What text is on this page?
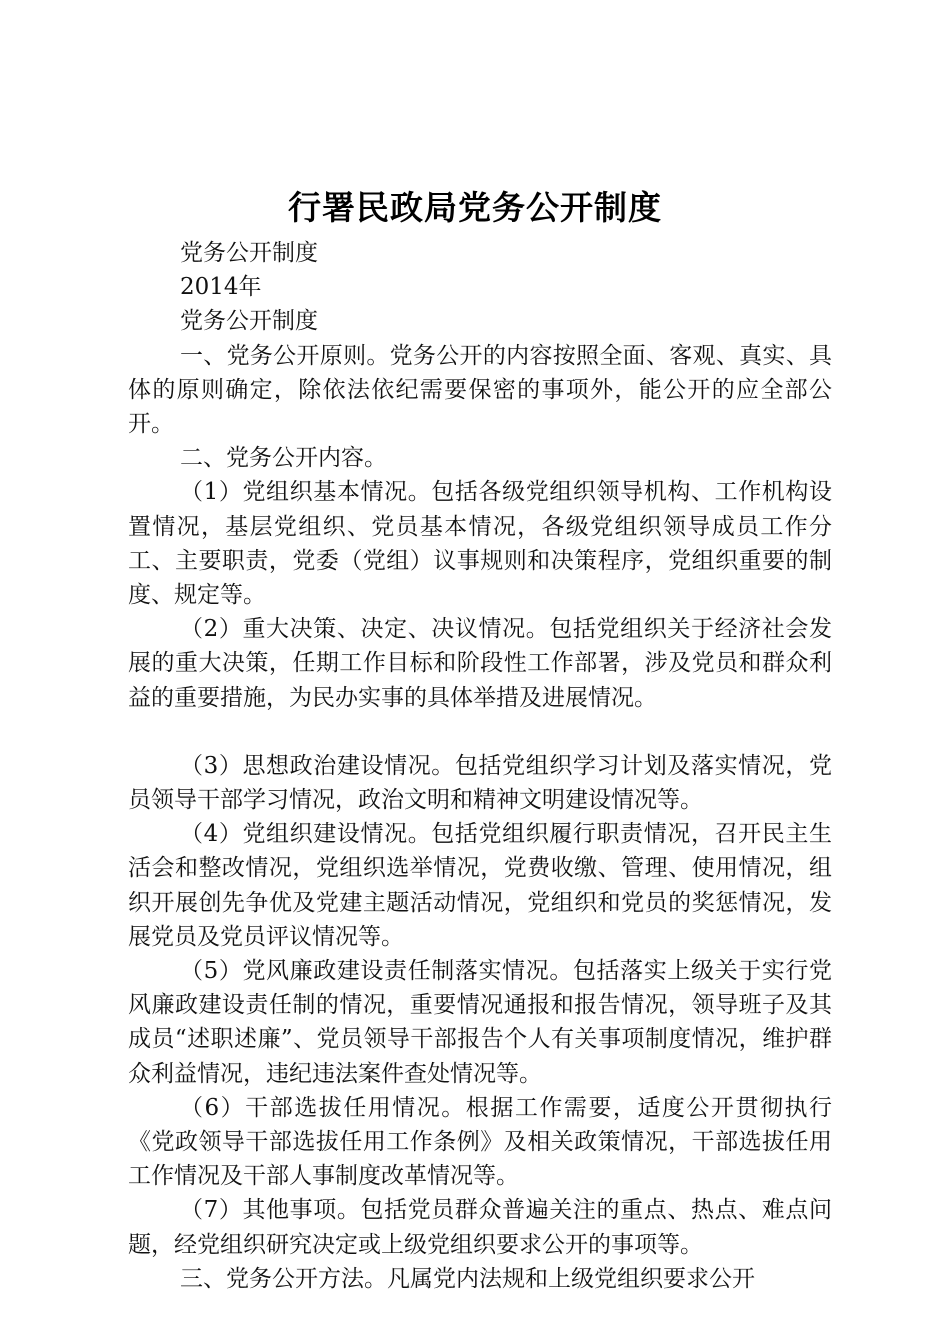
行署民政局党务公开制度

党务公开制度

2014年

党务公开制度

一、党务公开原则。党务公开的内容按照全面、客观、真实、具体的原则确定，除依法依纪需要保密的事项外，能公开的应全部公开。

二、党务公开内容。

（1）党组织基本情况。包括各级党组织领导机构、工作机构设置情况，基层党组织、党员基本情况，各级党组织领导成员工作分工、主要职责，党委（党组）议事规则和决策程序，党组织重要的制度、规定等。

（2）重大决策、决定、决议情况。包括党组织关于经济社会发展的重大决策，任期工作目标和阶段性工作部署，涉及党员和群众利益的重要措施，为民办实事的具体举措及进展情况。

（3）思想政治建设情况。包括党组织学习计划及落实情况，党员领导干部学习情况，政治文明和精神文明建设情况等。

（4）党组织建设情况。包括党组织履行职责情况，召开民主生活会和整改情况，党组织选举情况，党费收缴、管理、使用情况，组织开展创先争优及党建主题活动情况，党组织和党员的奖惩情况，发展党员及党员评议情况等。

（5）党风廉政建设责任制落实情况。包括落实上级关于实行党风廉政建设责任制的情况，重要情况通报和报告情况，领导班子及其成员“述职述廉”、党员领导干部报告个人有关事项制度情况，维护群众利益情况，违纪违法案件查处情况等。

（6）干部选拔任用情况。根据工作需要，适度公开贯彻执行《党政领导干部选拔任用工作条例》及相关政策情况，干部选拔任用工作情况及干部人事制度改革情况等。

（7）其他事项。包括党员群众普遍关注的重点、热点、难点问题，经党组织研究决定或上级党组织要求公开的事项等。

三、党务公开方法。凡属党内法规和上级党组织要求公开
